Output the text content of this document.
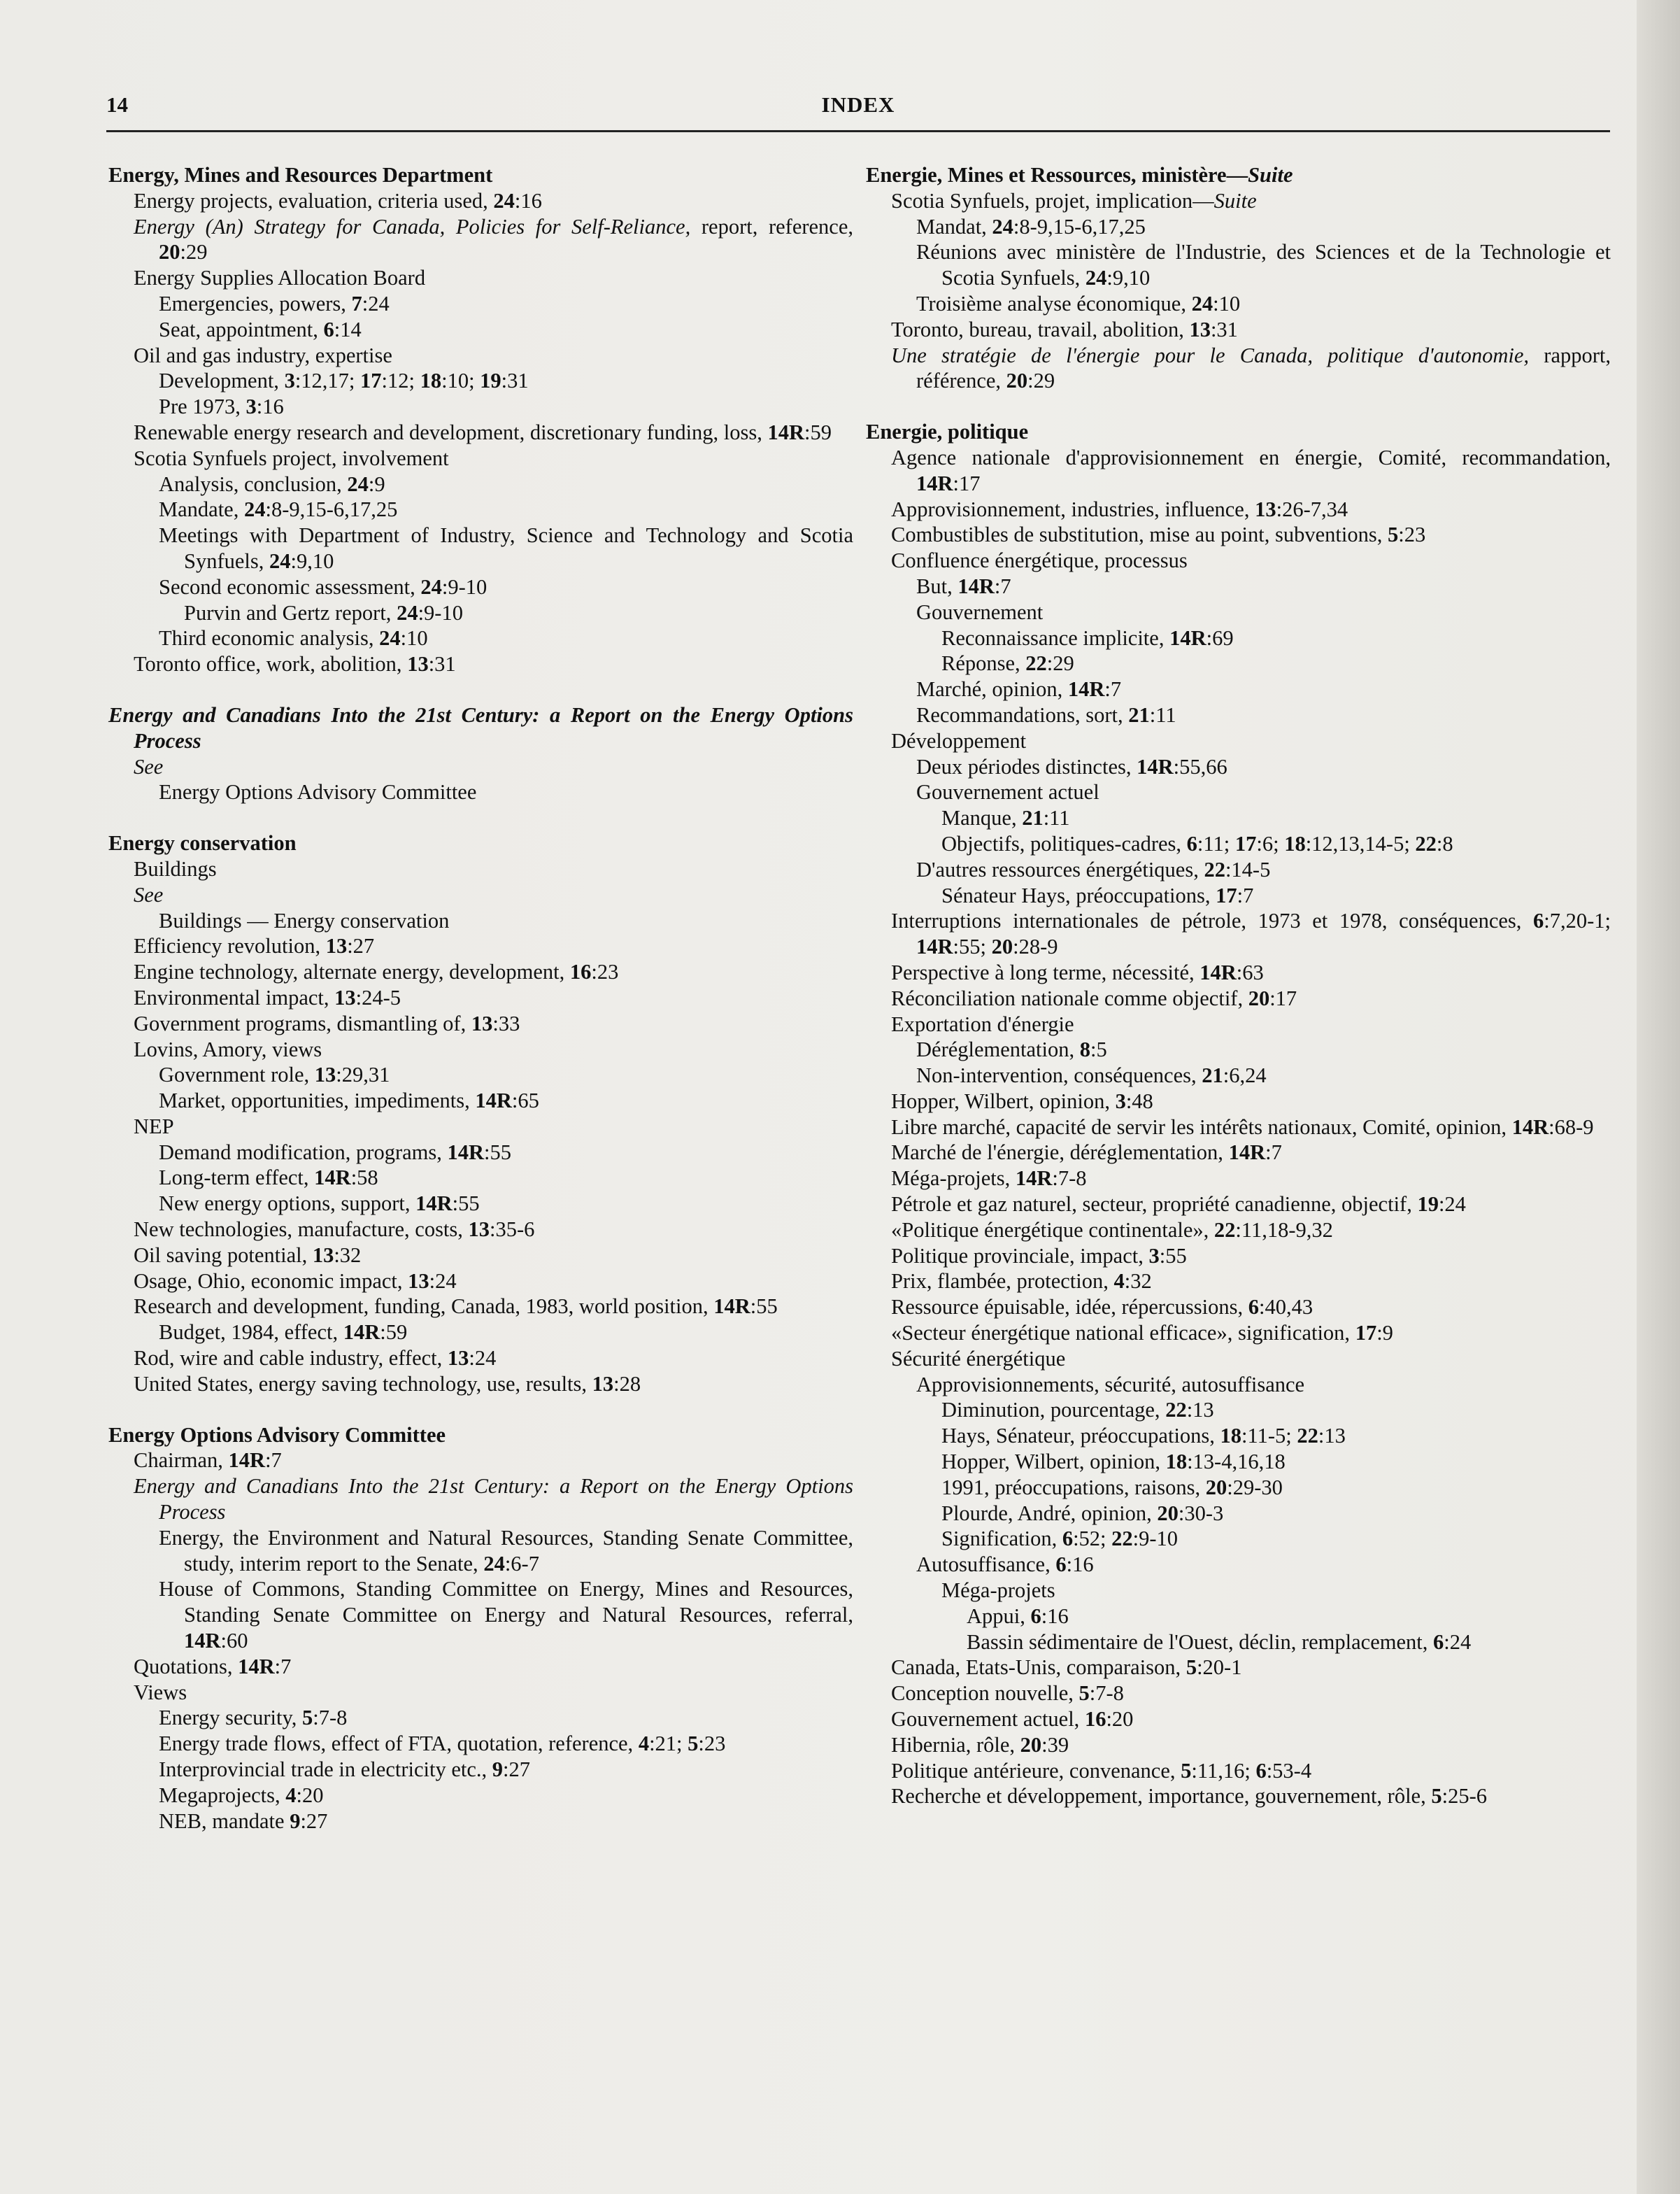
14	INDEX
Energy, Mines and Resources Department
Energy projects, evaluation, criteria used, 24:16
Energy (An) Strategy for Canada, Policies for Self-Reliance, report, reference, 20:29
Energy Supplies Allocation Board
Emergencies, powers, 7:24
Seat, appointment, 6:14
Oil and gas industry, expertise
Development, 3:12,17; 17:12; 18:10; 19:31
Pre 1973, 3:16
Renewable energy research and development, discretionary funding, loss, 14R:59
Scotia Synfuels project, involvement
Analysis, conclusion, 24:9
Mandate, 24:8-9,15-6,17,25
Meetings with Department of Industry, Science and Technology and Scotia Synfuels, 24:9,10
Second economic assessment, 24:9-10
Purvin and Gertz report, 24:9-10
Third economic analysis, 24:10
Toronto office, work, abolition, 13:31
Energy and Canadians Into the 21st Century: a Report on the Energy Options Process
See
Energy Options Advisory Committee
Energy conservation
Buildings
See
Buildings — Energy conservation
Efficiency revolution, 13:27
Engine technology, alternate energy, development, 16:23
Environmental impact, 13:24-5
Government programs, dismantling of, 13:33
Lovins, Amory, views
Government role, 13:29,31
Market, opportunities, impediments, 14R:65
NEP
Demand modification, programs, 14R:55
Long-term effect, 14R:58
New energy options, support, 14R:55
New technologies, manufacture, costs, 13:35-6
Oil saving potential, 13:32
Osage, Ohio, economic impact, 13:24
Research and development, funding, Canada, 1983, world position, 14R:55
Budget, 1984, effect, 14R:59
Rod, wire and cable industry, effect, 13:24
United States, energy saving technology, use, results, 13:28
Energy Options Advisory Committee
Chairman, 14R:7
Energy and Canadians Into the 21st Century: a Report on the Energy Options Process
Energy, the Environment and Natural Resources, Standing Senate Committee, study, interim report to the Senate, 24:6-7
House of Commons, Standing Committee on Energy, Mines and Resources, Standing Senate Committee on Energy and Natural Resources, referral, 14R:60
Quotations, 14R:7
Views
Energy security, 5:7-8
Energy trade flows, effect of FTA, quotation, reference, 4:21; 5:23
Interprovincial trade in electricity etc., 9:27
Megaprojects, 4:20
NEB, mandate 9:27
Energie, Mines et Ressources, ministère—Suite
Scotia Synfuels, projet, implication—Suite
Mandat, 24:8-9,15-6,17,25
Réunions avec ministère de l'Industrie, des Sciences et de la Technologie et Scotia Synfuels, 24:9,10
Troisième analyse économique, 24:10
Toronto, bureau, travail, abolition, 13:31
Une stratégie de l'énergie pour le Canada, politique d'autonomie, rapport, référence, 20:29
Energie, politique
Agence nationale d'approvisionnement en énergie, Comité, recommandation, 14R:17
Approvisionnement, industries, influence, 13:26-7,34
Combustibles de substitution, mise au point, subventions, 5:23
Confluence énergétique, processus
But, 14R:7
Gouvernement
Reconnaissance implicite, 14R:69
Réponse, 22:29
Marché, opinion, 14R:7
Recommandations, sort, 21:11
Développement
Deux périodes distinctes, 14R:55,66
Gouvernement actuel
Manque, 21:11
Objectifs, politiques-cadres, 6:11; 17:6; 18:12,13,14-5; 22:8
D'autres ressources énergétiques, 22:14-5
Sénateur Hays, préoccupations, 17:7
Interruptions internationales de pétrole, 1973 et 1978, conséquences, 6:7,20-1; 14R:55; 20:28-9
Perspective à long terme, nécessité, 14R:63
Réconciliation nationale comme objectif, 20:17
Exportation d'énergie
Déréglementation, 8:5
Non-intervention, conséquences, 21:6,24
Hopper, Wilbert, opinion, 3:48
Libre marché, capacité de servir les intérêts nationaux, Comité, opinion, 14R:68-9
Marché de l'énergie, déréglementation, 14R:7
Méga-projets, 14R:7-8
Pétrole et gaz naturel, secteur, propriété canadienne, objectif, 19:24
«Politique énergétique continentale», 22:11,18-9,32
Politique provinciale, impact, 3:55
Prix, flambée, protection, 4:32
Ressource épuisable, idée, répercussions, 6:40,43
«Secteur énergétique national efficace», signification, 17:9
Sécurité énergétique
Approvisionnements, sécurité, autosuffisance
Diminution, pourcentage, 22:13
Hays, Sénateur, préoccupations, 18:11-5; 22:13
Hopper, Wilbert, opinion, 18:13-4,16,18
1991, préoccupations, raisons, 20:29-30
Plourde, André, opinion, 20:30-3
Signification, 6:52; 22:9-10
Autosuffisance, 6:16
Méga-projets
Appui, 6:16
Bassin sédimentaire de l'Ouest, déclin, remplacement, 6:24
Canada, Etats-Unis, comparaison, 5:20-1
Conception nouvelle, 5:7-8
Gouvernement actuel, 16:20
Hibernia, rôle, 20:39
Politique antérieure, convenance, 5:11,16; 6:53-4
Recherche et développement, importance, gouvernement, rôle, 5:25-6
